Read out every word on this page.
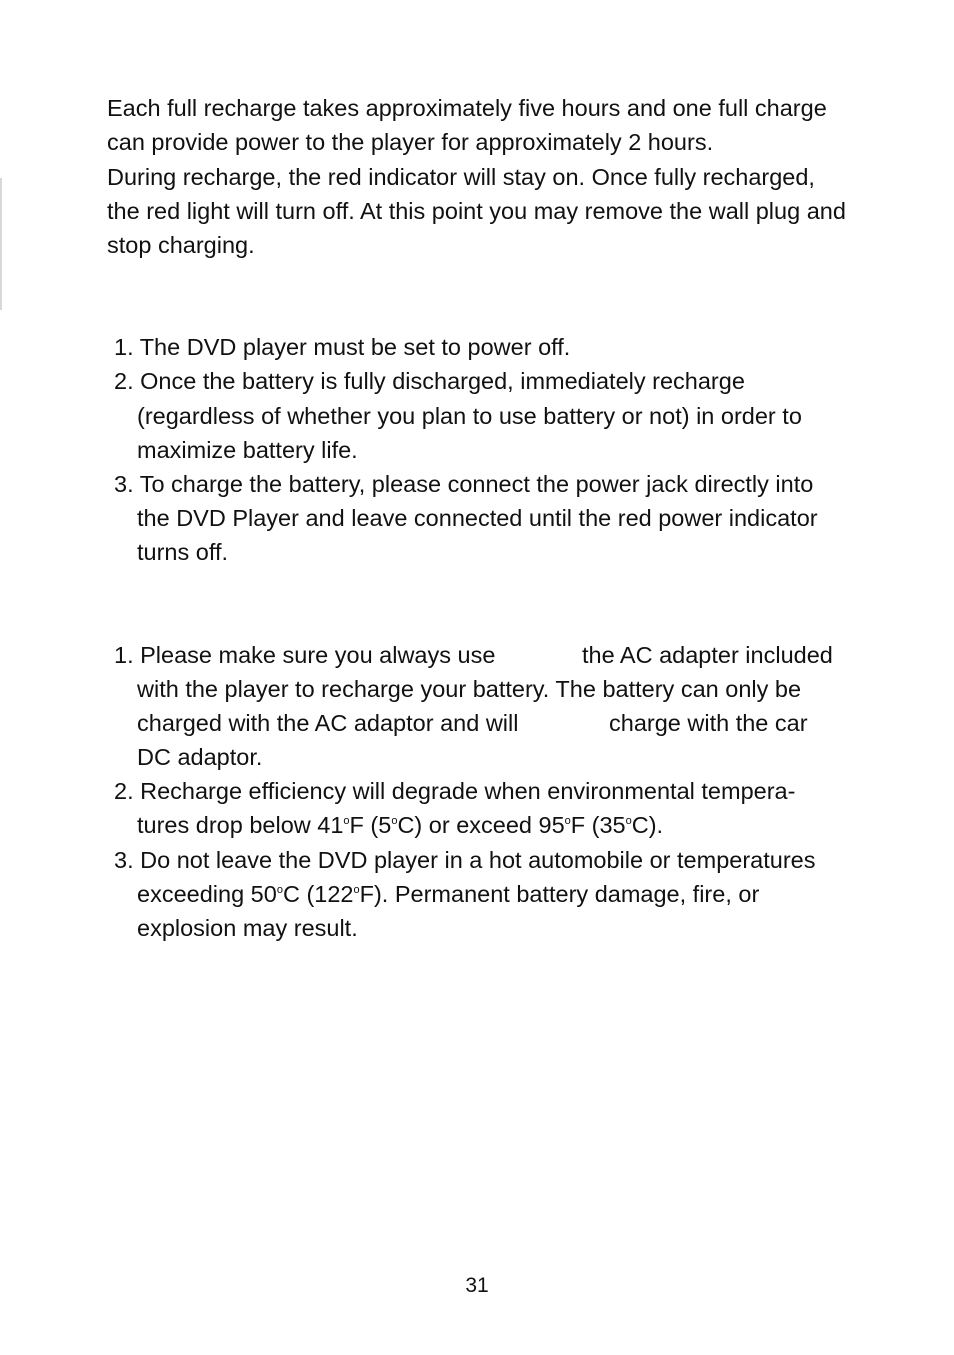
Each full recharge takes approximately five hours and one full charge
can provide power to the player for approximately 2 hours.
During recharge, the red indicator will stay on. Once fully recharged,
the red light will turn off. At this point you may remove the wall plug and
stop charging.
1. The DVD player must be set to power off.
2. Once the battery is fully discharged, immediately recharge
(regardless of whether you plan to use battery or not) in order to
maximize battery life.
3. To charge the battery, please connect the power jack directly into
the DVD Player and leave connected until the red power indicator
turns off.
1. Please make sure you always use	the AC adapter included
with the player to recharge your battery. The battery can only be
charged with the AC adaptor and will	charge with the car
DC adaptor.
2. Recharge efficiency will degrade when environmental tempera-
tures drop below 41$^o$F (5$^o$C) or exceed 95$^o$F (35$^o$C).
3. Do not leave the DVD player in a hot automobile or temperatures
exceeding 50$^o$C (122$^o$F). Permanent battery damage, fire, or
explosion may result.
31
